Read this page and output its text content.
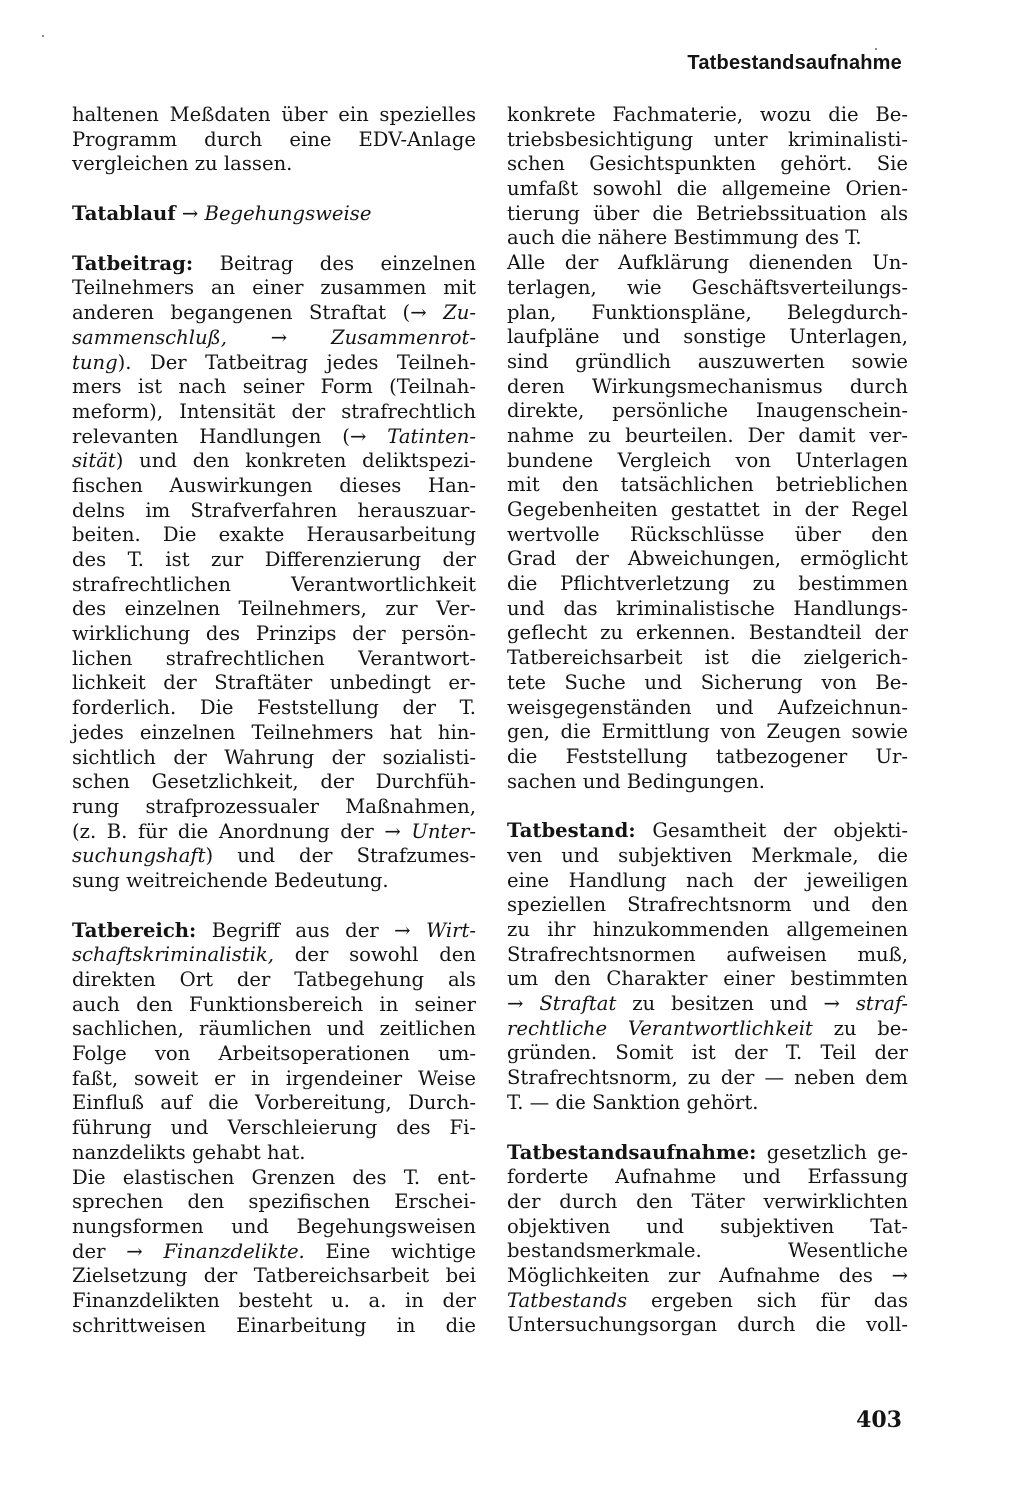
Tatbestandsaufnahme
haltenen Meßdaten über ein spezielles
Programm durch eine EDV-Anlage
vergleichen zu lassen.
Tatablauf → Begehungsweise
Tatbeitrag: Beitrag des einzelnen
Teilnehmers an einer zusammen mit
anderen begangenen Straftat (→ Zu-
sammenschluß, → Zusammenrot-
tung). Der Tatbeitrag jedes Teilneh-
mers ist nach seiner Form (Teilnah-
meform), Intensität der strafrechtlich
relevanten Handlungen (→ Tatinten-
sität) und den konkreten deliktspezi-
fischen Auswirkungen dieses Han-
delns im Strafverfahren herauszuar-
beiten. Die exakte Herausarbeitung
des T. ist zur Differenzierung der
strafrechtlichen Verantwortlichkeit
des einzelnen Teilnehmers, zur Ver-
wirklichung des Prinzips der persön-
lichen strafrechtlichen Verantwort-
lichkeit der Straftäter unbedingt er-
forderlich. Die Feststellung der T.
jedes einzelnen Teilnehmers hat hin-
sichtlich der Wahrung der sozialisti-
schen Gesetzlichkeit, der Durchfüh-
rung strafprozessualer Maßnahmen,
(z. B. für die Anordnung der → Unter-
suchungshaft) und der Strafzumes-
sung weitreichende Bedeutung.
Tatbereich: Begriff aus der → Wirt-
schaftskriminalistik, der sowohl den
direkten Ort der Tatbegehung als
auch den Funktionsbereich in seiner
sachlichen, räumlichen und zeitlichen
Folge von Arbeitsoperationen um-
faßt, soweit er in irgendeiner Weise
Einfluß auf die Vorbereitung, Durch-
führung und Verschleierung des Fi-
nanzdelikts gehabt hat.
Die elastischen Grenzen des T. ent-
sprechen den spezifischen Erschei-
nungsformen und Begehungsweisen
der → Finanzdelikte. Eine wichtige
Zielsetzung der Tatbereichsarbeit bei
Finanzdelikten besteht u. a. in der
schrittweisen Einarbeitung in die
konkrete Fachmaterie, wozu die Be-
triebsbesichtigung unter kriminalisti-
schen Gesichtspunkten gehört. Sie
umfaßt sowohl die allgemeine Orien-
tierung über die Betriebssituation als
auch die nähere Bestimmung des T.
Alle der Aufklärung dienenden Un-
terlagen, wie Geschäftsverteilungs-
plan, Funktionspläne, Belegdurch-
laufpläne und sonstige Unterlagen,
sind gründlich auszuwerten sowie
deren Wirkungsmechanismus durch
direkte, persönliche Inaugenschein-
nahme zu beurteilen. Der damit ver-
bundene Vergleich von Unterlagen
mit den tatsächlichen betrieblichen
Gegebenheiten gestattet in der Regel
wertvolle Rückschlüsse über den
Grad der Abweichungen, ermöglicht
die Pflichtverletzung zu bestimmen
und das kriminalistische Handlungs-
geflecht zu erkennen. Bestandteil der
Tatbereichsarbeit ist die zielgerich-
tete Suche und Sicherung von Be-
weisgegenständen und Aufzeichnun-
gen, die Ermittlung von Zeugen sowie
die Feststellung tatbezogener Ur-
sachen und Bedingungen.
Tatbestand: Gesamtheit der objekti-
ven und subjektiven Merkmale, die
eine Handlung nach der jeweiligen
speziellen Strafrechtsnorm und den
zu ihr hinzukommenden allgemeinen
Strafrechtsnormen aufweisen muß,
um den Charakter einer bestimmten
→ Straftat zu besitzen und → straf-
rechtliche Verantwortlichkeit zu be-
gründen. Somit ist der T. Teil der
Strafrechtsnorm, zu der — neben dem
T. — die Sanktion gehört.
Tatbestandsaufnahme: gesetzlich ge-
forderte Aufnahme und Erfassung
der durch den Täter verwirklichten
objektiven und subjektiven Tat-
bestandsmerkmale. Wesentliche
Möglichkeiten zur Aufnahme des →
Tatbestands ergeben sich für das
Untersuchungsorgan durch die voll-
403
